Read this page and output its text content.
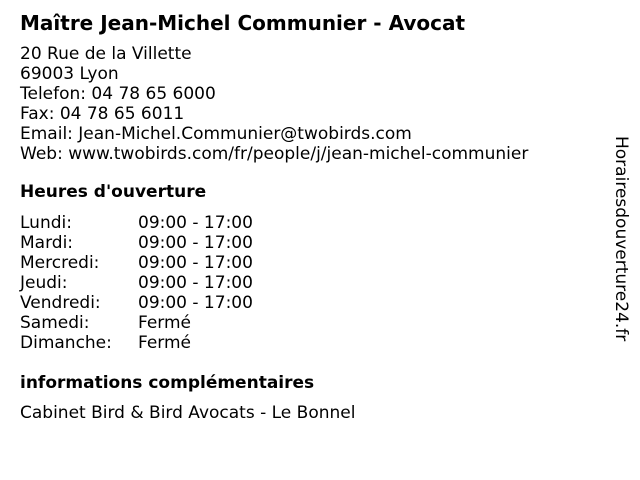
Maître Jean-Michel Communier - Avocat
20 Rue de la Villette
69003 Lyon
Telefon: 04 78 65 6000
Fax: 04 78 65 6011
Email: Jean-Michel.Communier@twobirds.com
Web: www.twobirds.com/fr/people/j/jean-michel-communier
Heures d'ouverture
Lundi:	09:00 - 17:00
Mardi:	09:00 - 17:00
Mercredi:	09:00 - 17:00
Jeudi:	09:00 - 17:00
Vendredi:	09:00 - 17:00
Samedi:	Fermé
Dimanche:	Fermé
informations complémentaires
Cabinet Bird & Bird Avocats - Le Bonnel
Horairesdouverture24.fr
